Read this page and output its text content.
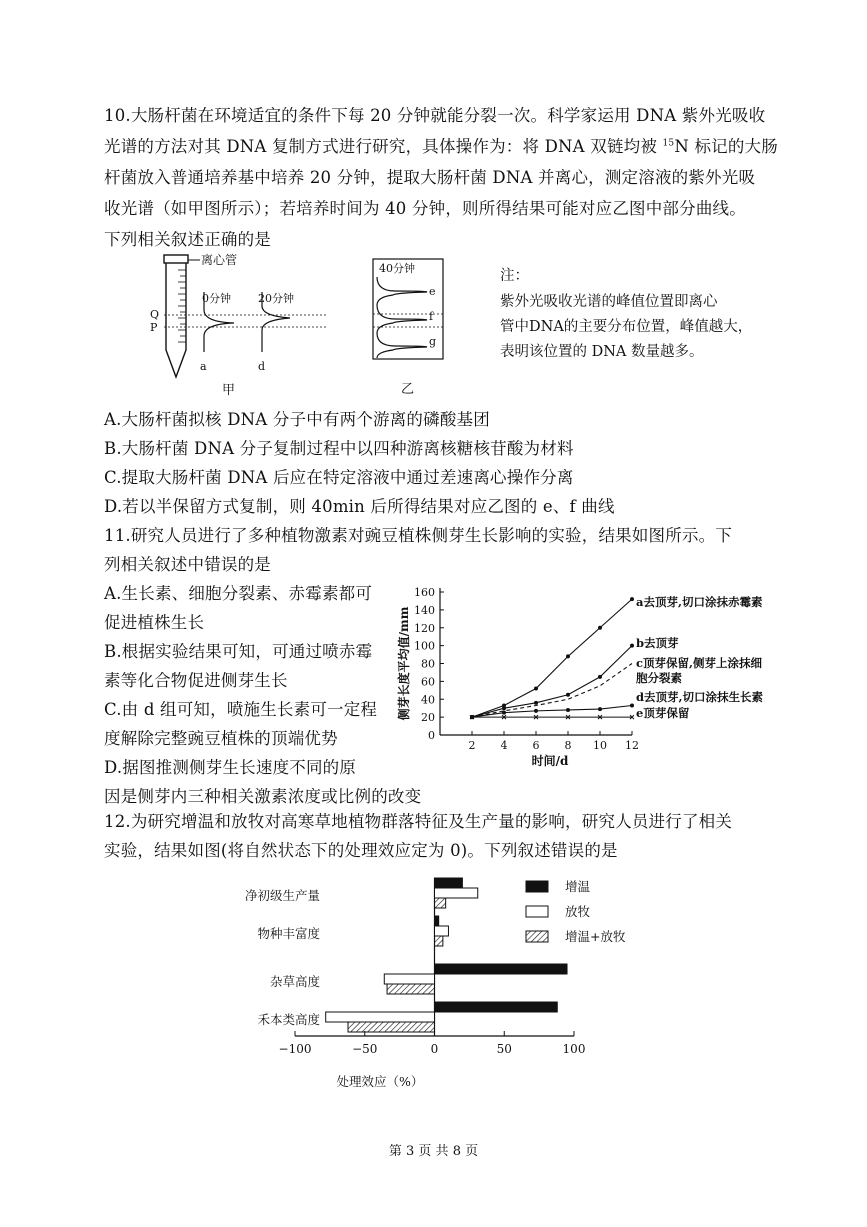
10.大肠杆菌在环境适宜的条件下每 20 分钟就能分裂一次。科学家运用 DNA 紫外光吸收
光谱的方法对其 DNA 复制方式进行研究，具体操作为：将 DNA 双链均被 $^{15}$N 标记的大肠
杆菌放入普通培养基中培养 20 分钟，提取大肠杆菌 DNA 并离心，测定溶液的紫外光吸
收光谱（如甲图所示）；若培养时间为 40 分钟，则所得结果可能对应乙图中部分曲线。
下列相关叙述正确的是
离心管
Q
P
0分钟
a
20分钟
d
甲
40分钟
e
f
g
乙
注：
紫外光吸收光谱的峰值位置即离心
管中DNA的主要分布位置，峰值越大，
表明该位置的 DNA 数量越多。
A.大肠杆菌拟核 DNA 分子中有两个游离的磷酸基团
B.大肠杆菌 DNA 分子复制过程中以四种游离核糖核苷酸为材料
C.提取大肠杆菌 DNA 后应在特定溶液中通过差速离心操作分离
D.若以半保留方式复制，则 40min 后所得结果对应乙图的 e、f 曲线
11.研究人员进行了多种植物激素对豌豆植株侧芽生长影响的实验，结果如图所示。下
列相关叙述中错误的是
A.生长素、细胞分裂素、赤霉素都可
促进植株生长
B.根据实验结果可知，可通过喷赤霉
素等化合物促进侧芽生长
C.由 d 组可知，喷施生长素可一定程
度解除完整豌豆植株的顶端优势
D.据图推测侧芽生长速度不同的原
因是侧芽内三种相关激素浓度或比例的改变
0
20
40
60
80
100
120
140
160
2 4 6 8 10 12
时间/d
侧芽长度平均值/mm
a去顶芽,切口涂抹赤霉素
b去顶芽
c顶芽保留,侧芽上涂抹细
胞分裂素
d去顶芽,切口涂抹生长素
e顶芽保留
12.为研究增温和放牧对高寒草地植物群落特征及生产量的影响，研究人员进行了相关
实验，结果如图(将自然状态下的处理效应定为 0)。下列叙述错误的是
−100	−50	0	50	100
处理效应（%）
净初级生产量
物种丰富度
杂草高度
禾本类高度
增温
放牧
增温+放牧
第 3 页 共 8 页
